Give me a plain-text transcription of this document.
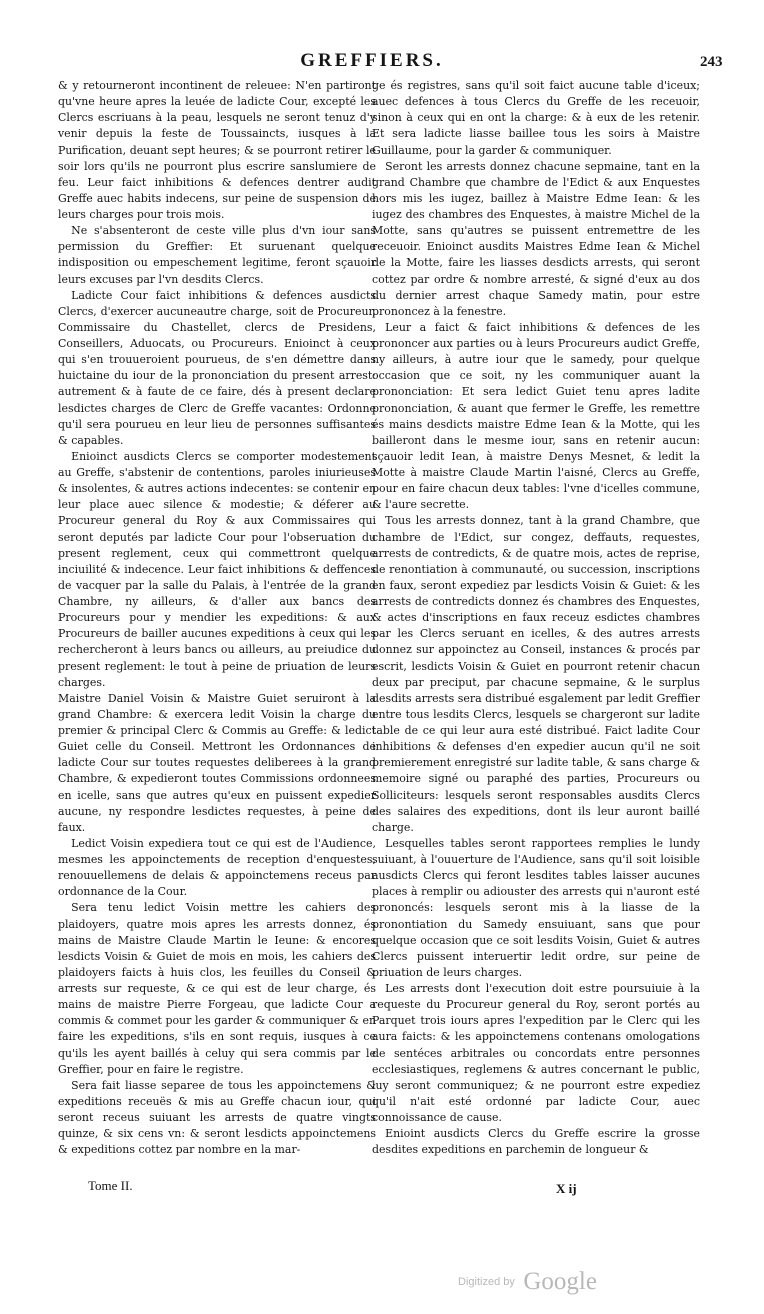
GREFFIERS.	243

& y retourneront incontinent de releuee: N'en partiront qu'vne heure apres la leuée de ladicte Cour, excepté les Clercs escriuans à la peau, lesquels ne seront tenuz d'y venir depuis la feste de Toussaincts, iusques à la Purification, deuant sept heures; & se pourront retirer le soir lors qu'ils ne pourront plus escrire sanslumiere de feu. Leur faict inhibitions & defences dentrer audit Greffe auec habits indecens, sur peine de suspension de leurs charges pour trois mois.

Ne s'absenteront de ceste ville plus d'vn iour sans permission du Greffier: Et suruenant quelque indisposition ou empeschement legitime, feront sçauoir leurs excuses par l'vn desdits Clercs.

Ladicte Cour faict inhibitions & defences ausdicts Clercs, d'exercer aucuneautre charge, soit de Procureur, Commissaire du Chastellet, clercs de Presidens, Conseillers, Aduocats, ou Procureurs. Enioinct à ceux qui s'en trouueroient pourueus, de s'en démettre dans huictaine du iour de la prononciation du present arrest: autrement & à faute de ce faire, dés à present declare lesdictes charges de Clerc de Greffe vacantes: Ordonne qu'il sera pourueu en leur lieu de personnes suffisantes & capables.

Enioinct ausdicts Clercs se comporter modestement au Greffe, s'abstenir de contentions, paroles iniurieuses & insolentes, & autres actions indecentes: se contenir en leur place auec silence & modestie; & déferer au Procureur general du Roy & aux Commissaires qui seront deputés par ladicte Cour pour l'obseruation du present reglement, ceux qui commettront quelque inciuilité & indecence. Leur faict inhibitions & deffences de vacquer par la salle du Palais, à l'entrée de la grand Chambre, ny ailleurs, & d'aller aux bancs des Procureurs pour y mendier les expeditions: & aux Procureurs de bailler aucunes expeditions à ceux qui les rechercheront à leurs bancs ou ailleurs, au preiudice du present reglement: le tout à peine de priuation de leurs charges.

Maistre Daniel Voisin & Maistre Guiet seruiront à la grand Chambre: & exercera ledit Voisin la charge du premier & principal Clerc & Commis au Greffe: & ledict Guiet celle du Conseil. Mettront les Ordonnances de ladicte Cour sur toutes requestes deliberees à la grand Chambre, & expedieront toutes Commissions ordonnees en icelle, sans que autres qu'eux en puissent expedier aucune, ny respondre lesdictes requestes, à peine de faux.

Ledict Voisin expediera tout ce qui est de l'Audience, mesmes les appoinctements de reception d'enquestes, renouuellemens de delais & appoinctemens receus par ordonnance de la Cour.

Sera tenu ledict Voisin mettre les cahiers des plaidoyers, quatre mois apres les arrests donnez, és mains de Maistre Claude Martin le Ieune: & encores lesdicts Voisin & Guiet de mois en mois, les cahiers des plaidoyers faicts à huis clos, les feuilles du Conseil & arrests sur requeste, & ce qui est de leur charge, és mains de maistre Pierre Forgeau, que ladicte Cour a commis & commet pour les garder & communiquer & en faire les expeditions, s'ils en sont requis, iusques à ce qu'ils les ayent baillés à celuy qui sera commis par le Greffier, pour en faire le registre.

Sera fait liasse separee de tous les appoinctemens & expeditions receuës & mis au Greffe chacun iour, qui seront receus suiuant les arrests de quatre vingts quinze, & six cens vn: & seront lesdicts appoinctemens & expeditions cottez par nombre en la mar-

ge és registres, sans qu'il soit faict aucune table d'iceux; auec defences à tous Clercs du Greffe de les receuoir, sinon à ceux qui en ont la charge: & à eux de les retenir. Et sera ladicte liasse baillee tous les soirs à Maistre Guillaume, pour la garder & communiquer.

Seront les arrests donnez chacune sepmaine, tant en la grand Chambre que chambre de l'Edict & aux Enquestes hors mis les iugez, baillez à Maistre Edme Iean: & les iugez des chambres des Enquestes, à maistre Michel de la Motte, sans qu'autres se puissent entremettre de les receuoir. Enioinct ausdits Maistres Edme Iean & Michel de la Motte, faire les liasses desdicts arrests, qui seront cottez par ordre & nombre arresté, & signé d'eux au dos du dernier arrest chaque Samedy matin, pour estre prononcez à la fenestre.

Leur a faict & faict inhibitions & defences de les prononcer aux parties ou à leurs Procureurs audict Greffe, ny ailleurs, à autre iour que le samedy, pour quelque occasion que ce soit, ny les communiquer auant la prononciation: Et sera ledict Guiet tenu apres ladite prononciation, & auant que fermer le Greffe, les remettre és mains desdicts maistre Edme Iean & la Motte, qui les bailleront dans le mesme iour, sans en retenir aucun: sçauoir ledit Iean, à maistre Denys Mesnet, & ledit la Motte à maistre Claude Martin l'aisné, Clercs au Greffe, pour en faire chacun deux tables: l'vne d'icelles commune, & l'aure secrette.

Tous les arrests donnez, tant à la grand Chambre, que chambre de l'Edict, sur congez, deffauts, requestes, arrests de contredicts, & de quatre mois, actes de reprise, de renontiation à communauté, ou succession, inscriptions en faux, seront expediez par lesdicts Voisin & Guiet: & les arrests de contredicts donnez és chambres des Enquestes, & actes d'inscriptions en faux receuz esdictes chambres par les Clercs seruant en icelles, & des autres arrests donnez sur appoinctez au Conseil, instances & procés par escrit, lesdicts Voisin & Guiet en pourront retenir chacun deux par preciput, par chacune sepmaine, & le surplus desdits arrests sera distribué esgalement par ledit Greffier entre tous lesdits Clercs, lesquels se chargeront sur ladite table de ce qui leur aura esté distribué. Faict ladite Cour inhibitions & defenses d'en expedier aucun qu'il ne soit premierement enregistré sur ladite table, & sans charge & memoire signé ou paraphé des parties, Procureurs ou Solliciteurs: lesquels seront responsables ausdits Clercs des salaires des expeditions, dont ils leur auront baillé charge.

Lesquelles tables seront rapportees remplies le lundy suiuant, à l'ouuerture de l'Audience, sans qu'il soit loisible ausdicts Clercs qui feront lesdites tables laisser aucunes places à remplir ou adiouster des arrests qui n'auront esté prononcés: lesquels seront mis à la liasse de la pronontiation du Samedy ensuiuant, sans que pour quelque occasion que ce soit lesdits Voisin, Guiet & autres Clercs puissent interuertir ledit ordre, sur peine de priuation de leurs charges.

Les arrests dont l'execution doit estre poursuiuie à la requeste du Procureur general du Roy, seront portés au Parquet trois iours apres l'expedition par le Clerc qui les aura faicts: & les appoinctemens contenans omologations de sentéces arbitrales ou concordats entre personnes ecclesiastiques, reglemens & autres concernant le public, luy seront communiquez; & ne pourront estre expediez qu'il n'ait esté ordonné par ladicte Cour, auec connoissance de cause.

Enioint ausdicts Clercs du Greffe escrire la grosse desdites expeditions en parchemin de longueur &

Tome II.	X ij
Digitized by Google
